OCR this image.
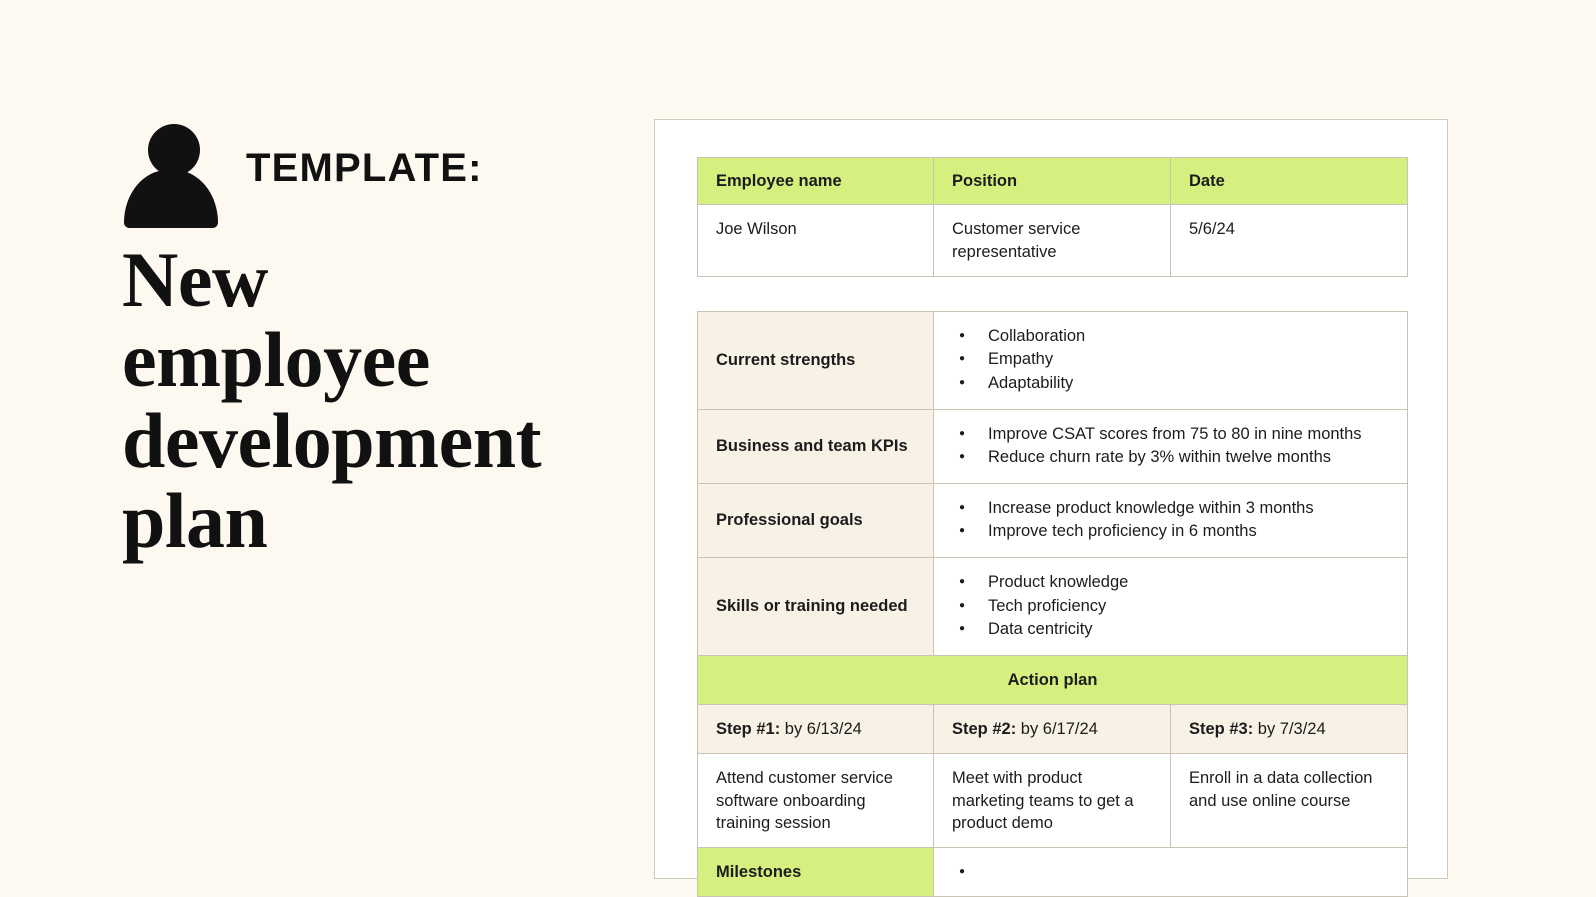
TEMPLATE:
New employee development plan
Employee name	Position	Date
Joe Wilson	Customer service representative	5/6/24
Current strengths	
● Collaboration
● Empathy
● Adaptability

Business and team KPIs	
● Improve CSAT scores from 75 to 80 in nine months
● Reduce churn rate by 3% within twelve months

Professional goals	
● Increase product knowledge within 3 months
● Improve tech proficiency in 6 months

Skills or training needed	
● Product knowledge
● Tech proficiency
● Data centricity

Action plan	
Step #1: by 6/13/24	Step #2: by 6/17/24	Step #3: by 7/3/24
Attend customer service software onboarding training session	Meet with product marketing teams to get a product demo	Enroll in a data collection and use online course
Milestones	
●
